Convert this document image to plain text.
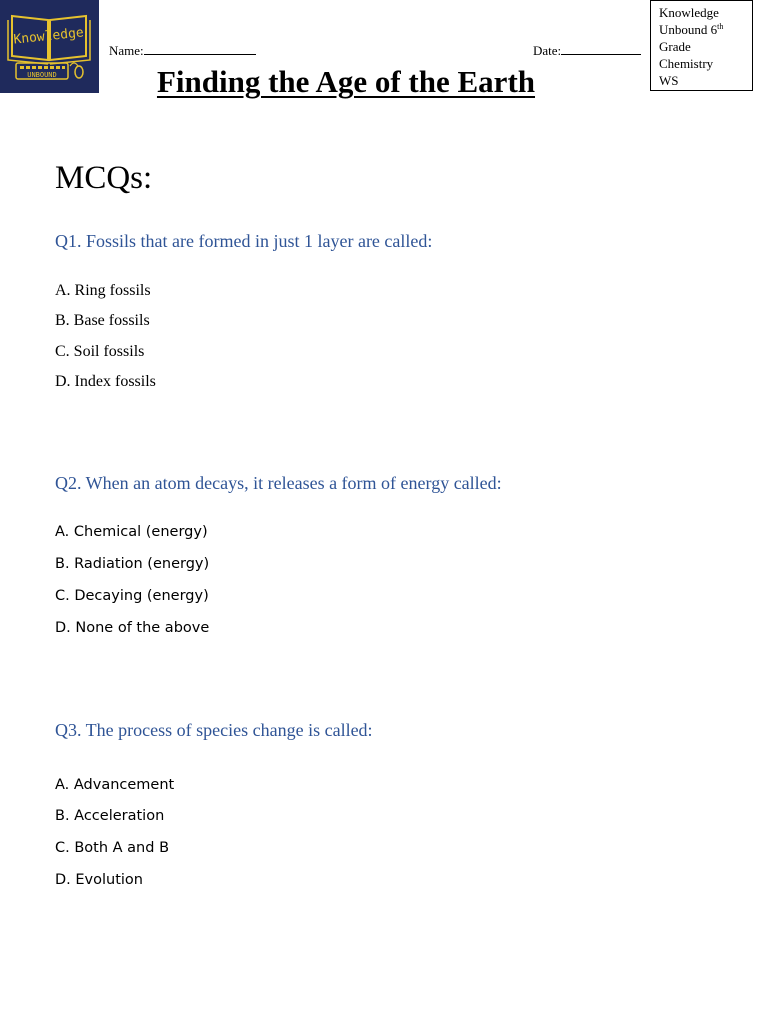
Knowledge
UNBOUND
Name:	Date:
Knowledge
Unbound 6th
Grade
Chemistry
WS
Finding the Age of the Earth
MCQs:
Q1. Fossils that are formed in just 1 layer are called:
A. Ring fossils
B. Base fossils
C. Soil fossils
D. Index fossils
Q2. When an atom decays, it releases a form of energy called:
A. Chemical (energy)
B. Radiation (energy)
C. Decaying (energy)
D. None of the above
Q3. The process of species change is called:
A. Advancement
B. Acceleration
C. Both A and B
D. Evolution
